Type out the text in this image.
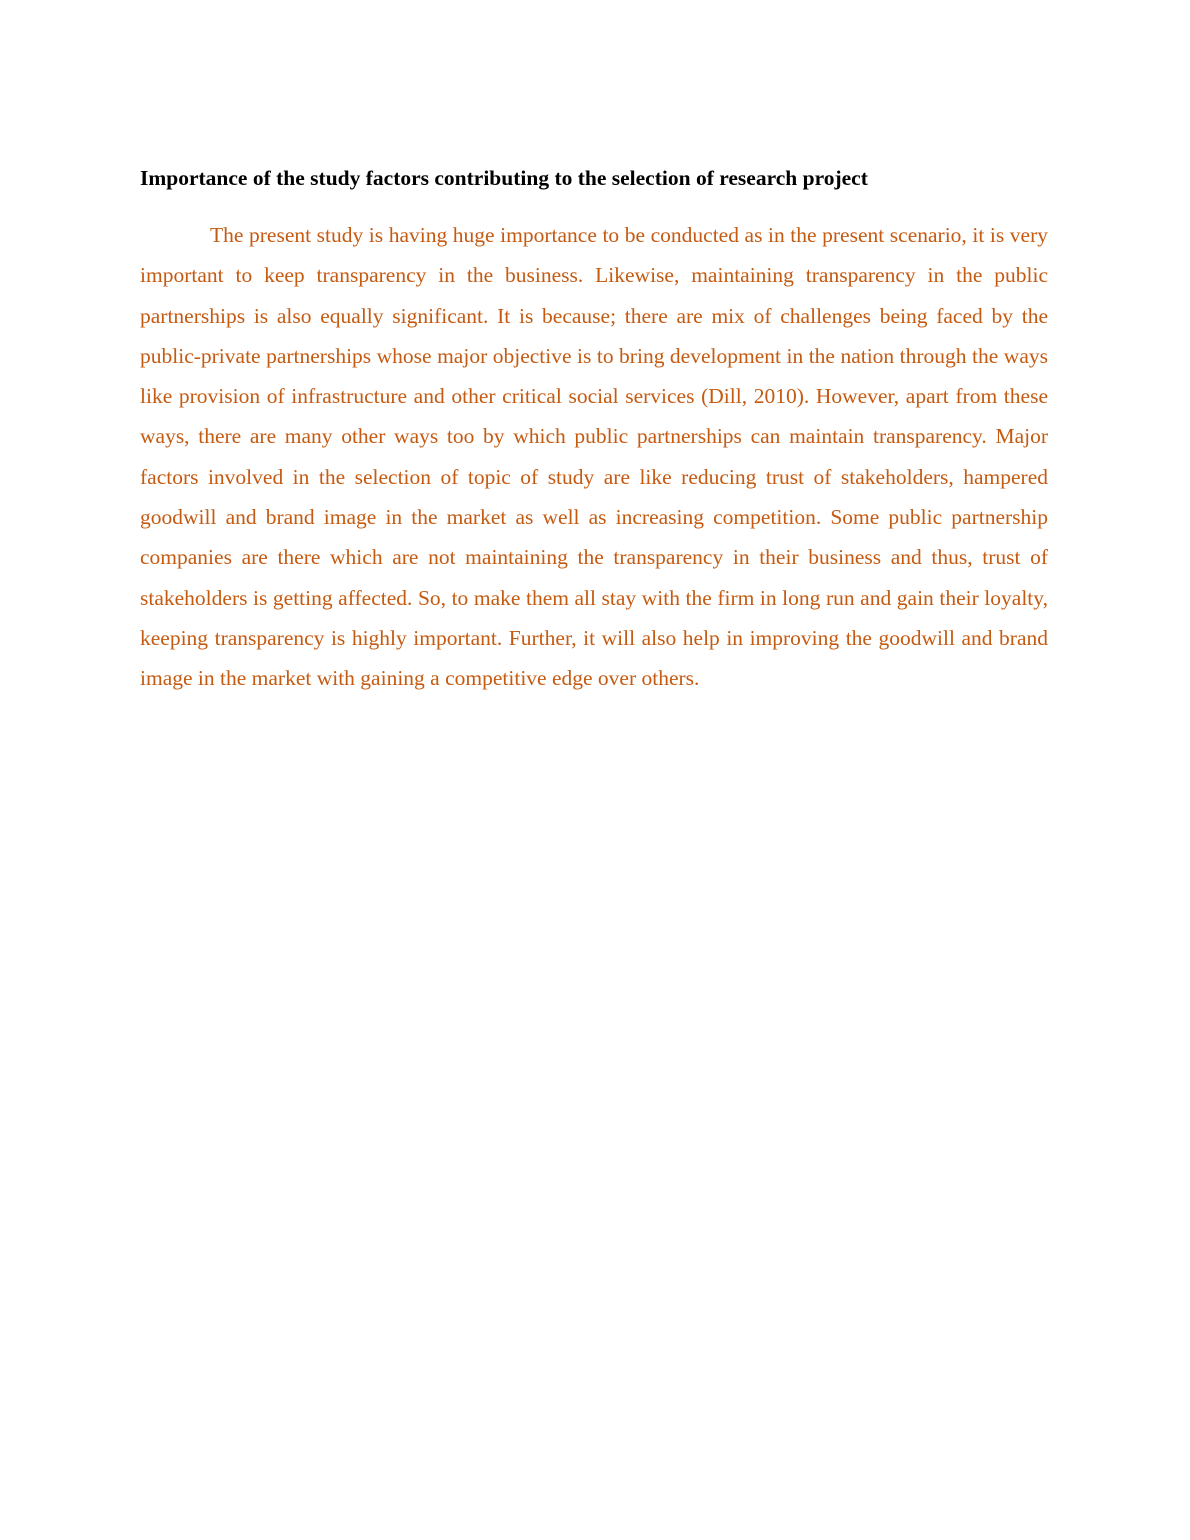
Importance of the study factors contributing to the selection of research project

The present study is having huge importance to be conducted as in the present scenario, it is very important to keep transparency in the business. Likewise, maintaining transparency in the public partnerships is also equally significant. It is because; there are mix of challenges being faced by the public-private partnerships whose major objective is to bring development in the nation through the ways like provision of infrastructure and other critical social services (Dill, 2010). However, apart from these ways, there are many other ways too by which public partnerships can maintain transparency. Major factors involved in the selection of topic of study are like reducing trust of stakeholders, hampered goodwill and brand image in the market as well as increasing competition. Some public partnership companies are there which are not maintaining the transparency in their business and thus, trust of stakeholders is getting affected. So, to make them all stay with the firm in long run and gain their loyalty, keeping transparency is highly important. Further, it will also help in improving the goodwill and brand image in the market with gaining a competitive edge over others.
